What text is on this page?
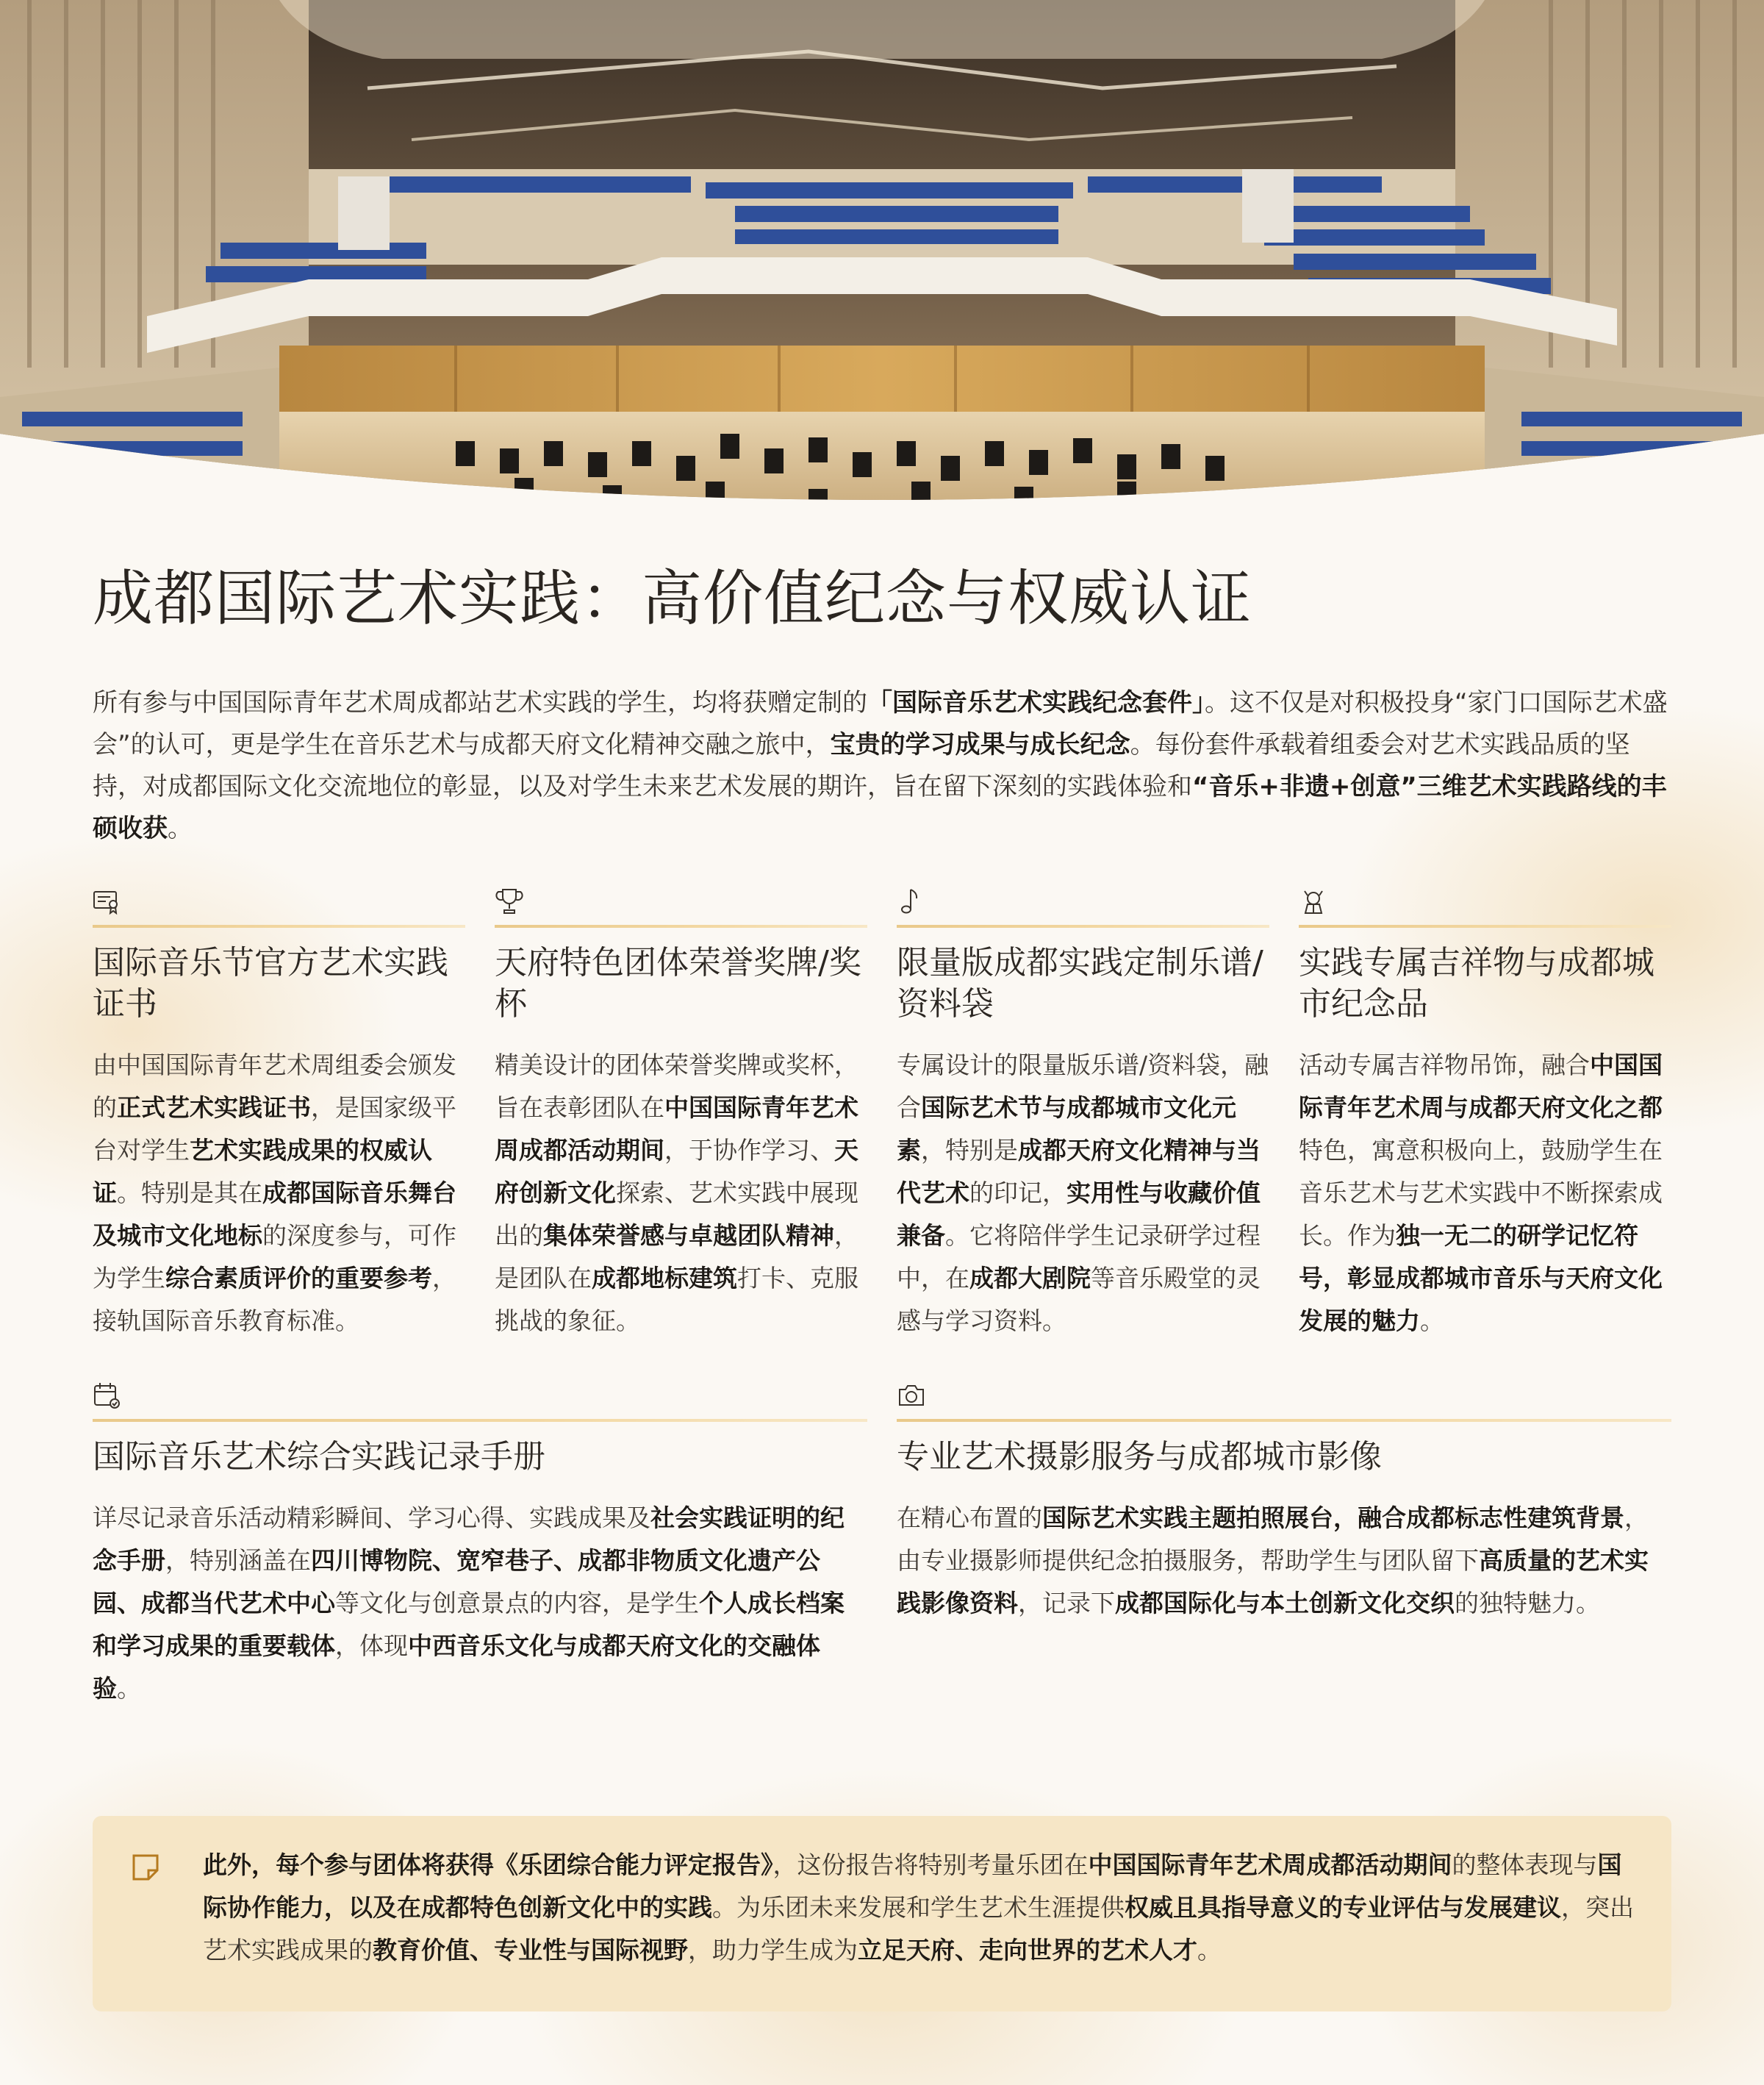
成都国际艺术实践：高价值纪念与权威认证

所有参与中国国际青年艺术周成都站艺术实践的学生，均将获赠定制的「国际音乐艺术实践纪念套件」。这不仅是对积极投身“家门口国际艺术盛会”的认可，更是学生在音乐艺术与成都天府文化精神交融之旅中，宝贵的学习成果与成长纪念。每份套件承载着组委会对艺术实践品质的坚持，对成都国际文化交流地位的彰显，以及对学生未来艺术发展的期许，旨在留下深刻的实践体验和“音乐+非遗+创意”三维艺术实践路线的丰硕收获。

国际音乐节官方艺术实践证书

由中国国际青年艺术周组委会颁发的正式艺术实践证书，是国家级平台对学生艺术实践成果的权威认证。特别是其在成都国际音乐舞台及城市文化地标的深度参与，可作为学生综合素质评价的重要参考，接轨国际音乐教育标准。

天府特色团体荣誉奖牌/奖杯

精美设计的团体荣誉奖牌或奖杯，旨在表彰团队在中国国际青年艺术周成都活动期间，于协作学习、天府创新文化探索、艺术实践中展现出的集体荣誉感与卓越团队精神，是团队在成都地标建筑打卡、克服挑战的象征。

限量版成都实践定制乐谱/资料袋

专属设计的限量版乐谱/资料袋，融合国际艺术节与成都城市文化元素，特别是成都天府文化精神与当代艺术的印记，实用性与收藏价值兼备。它将陪伴学生记录研学过程中，在成都大剧院等音乐殿堂的灵感与学习资料。

实践专属吉祥物与成都城市纪念品

活动专属吉祥物吊饰，融合中国国际青年艺术周与成都天府文化之都特色，寓意积极向上，鼓励学生在音乐艺术与艺术实践中不断探索成长。作为独一无二的研学记忆符号，彰显成都城市音乐与天府文化发展的魅力。

国际音乐艺术综合实践记录手册

详尽记录音乐活动精彩瞬间、学习心得、实践成果及社会实践证明的纪念手册，特别涵盖在四川博物院、宽窄巷子、成都非物质文化遗产公园、成都当代艺术中心等文化与创意景点的内容，是学生个人成长档案和学习成果的重要载体，体现中西音乐文化与成都天府文化的交融体验。

专业艺术摄影服务与成都城市影像

在精心布置的国际艺术实践主题拍照展台，融合成都标志性建筑背景，由专业摄影师提供纪念拍摄服务，帮助学生与团队留下高质量的艺术实践影像资料，记录下成都国际化与本土创新文化交织的独特魅力。

此外，每个参与团体将获得《乐团综合能力评定报告》，这份报告将特别考量乐团在中国国际青年艺术周成都活动期间的整体表现与国际协作能力，以及在成都特色创新文化中的实践。为乐团未来发展和学生艺术生涯提供权威且具指导意义的专业评估与发展建议，突出艺术实践成果的教育价值、专业性与国际视野，助力学生成为立足天府、走向世界的艺术人才。
